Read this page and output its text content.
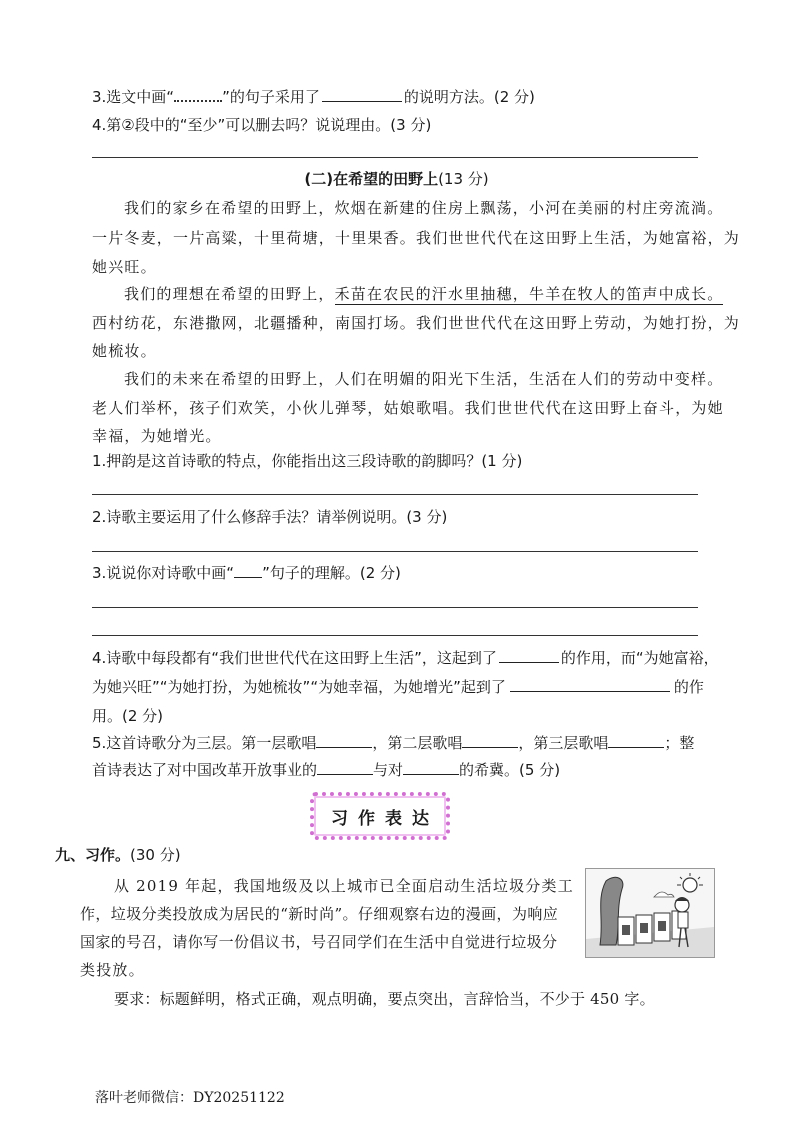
3.选文中画“	”的句子采用了	的说明方法。(2 分)
4.第②段中的“至少”可以删去吗？说说理由。(3 分)
(二)在希望的田野上(13 分)
我们的家乡在希望的田野上，炊烟在新建的住房上飘荡，小河在美丽的村庄旁流淌。
一片冬麦，一片高粱，十里荷塘，十里果香。我们世世代代在这田野上生活，为她富裕，为
她兴旺。
我们的理想在希望的田野上，禾苗在农民的汗水里抽穗，牛羊在牧人的笛声中成长。
西村纺花，东港撒网，北疆播种，南国打场。我们世世代代在这田野上劳动，为她打扮，为
她梳妆。
我们的未来在希望的田野上，人们在明媚的阳光下生活，生活在人们的劳动中变样。
老人们举杯，孩子们欢笑，小伙儿弹琴，姑娘歌唱。我们世世代代在这田野上奋斗，为她
幸福，为她增光。
1.押韵是这首诗歌的特点，你能指出这三段诗歌的韵脚吗？(1 分)
2.诗歌主要运用了什么修辞手法？请举例说明。(3 分)
3.说说你对诗歌中画“ ”句子的理解。(2 分)
4.诗歌中每段都有“我们世世代代在这田野上生活”，这起到了	的作用，而“为她富裕，
为她兴旺”“为她打扮，为她梳妆”“为她幸福，为她增光”起到了	的作
用。(2 分)
5.这首诗歌分为三层。第一层歌唱	，第二层歌唱	，第三层歌唱	；整
首诗表达了对中国改革开放事业的	与对	的希冀。(5 分)
习作表达
九、习作。(30 分)
从 2019 年起，我国地级及以上城市已全面启动生活垃圾分类工
作，垃圾分类投放成为居民的“新时尚”。仔细观察右边的漫画，为响应
国家的号召，请你写一份倡议书，号召同学们在生活中自觉进行垃圾分
类投放。
要求：标题鲜明，格式正确，观点明确，要点突出，言辞恰当，不少于 450 字。
落叶老师微信：DY20251122
